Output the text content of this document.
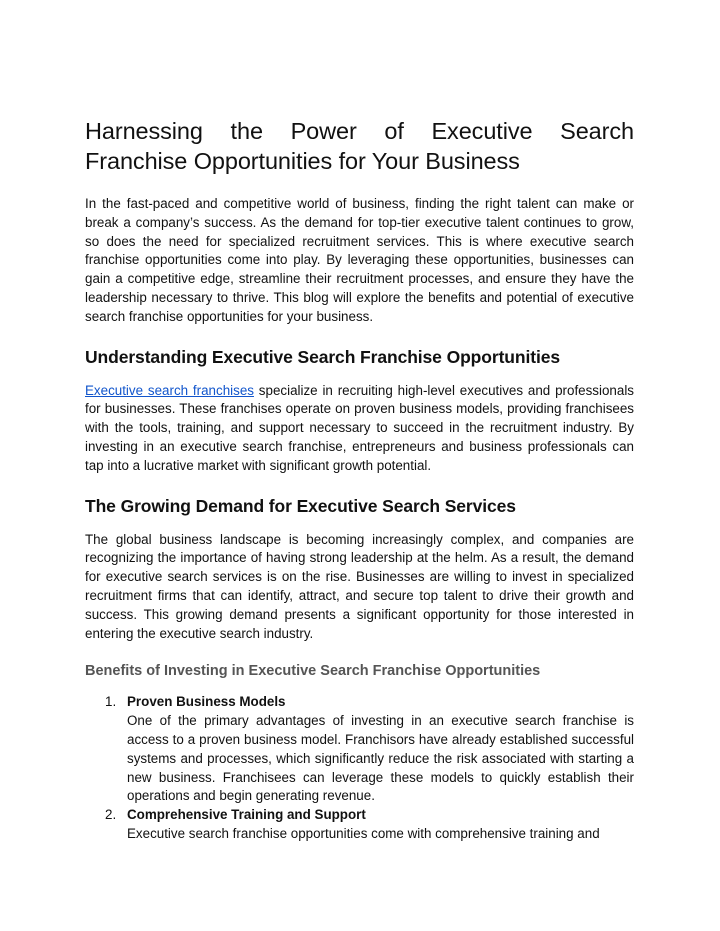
Harnessing the Power of Executive Search Franchise Opportunities for Your Business

In the fast-paced and competitive world of business, finding the right talent can make or break a company’s success. As the demand for top-tier executive talent continues to grow, so does the need for specialized recruitment services. This is where executive search franchise opportunities come into play. By leveraging these opportunities, businesses can gain a competitive edge, streamline their recruitment processes, and ensure they have the leadership necessary to thrive. This blog will explore the benefits and potential of executive search franchise opportunities for your business.

Understanding Executive Search Franchise Opportunities

Executive search franchises specialize in recruiting high-level executives and professionals for businesses. These franchises operate on proven business models, providing franchisees with the tools, training, and support necessary to succeed in the recruitment industry. By investing in an executive search franchise, entrepreneurs and business professionals can tap into a lucrative market with significant growth potential.

The Growing Demand for Executive Search Services

The global business landscape is becoming increasingly complex, and companies are recognizing the importance of having strong leadership at the helm. As a result, the demand for executive search services is on the rise. Businesses are willing to invest in specialized recruitment firms that can identify, attract, and secure top talent to drive their growth and success. This growing demand presents a significant opportunity for those interested in entering the executive search industry.

Benefits of Investing in Executive Search Franchise Opportunities
1. Proven Business Models
One of the primary advantages of investing in an executive search franchise is access to a proven business model. Franchisors have already established successful systems and processes, which significantly reduce the risk associated with starting a new business. Franchisees can leverage these models to quickly establish their operations and begin generating revenue.
2. Comprehensive Training and Support
Executive search franchise opportunities come with comprehensive training and
